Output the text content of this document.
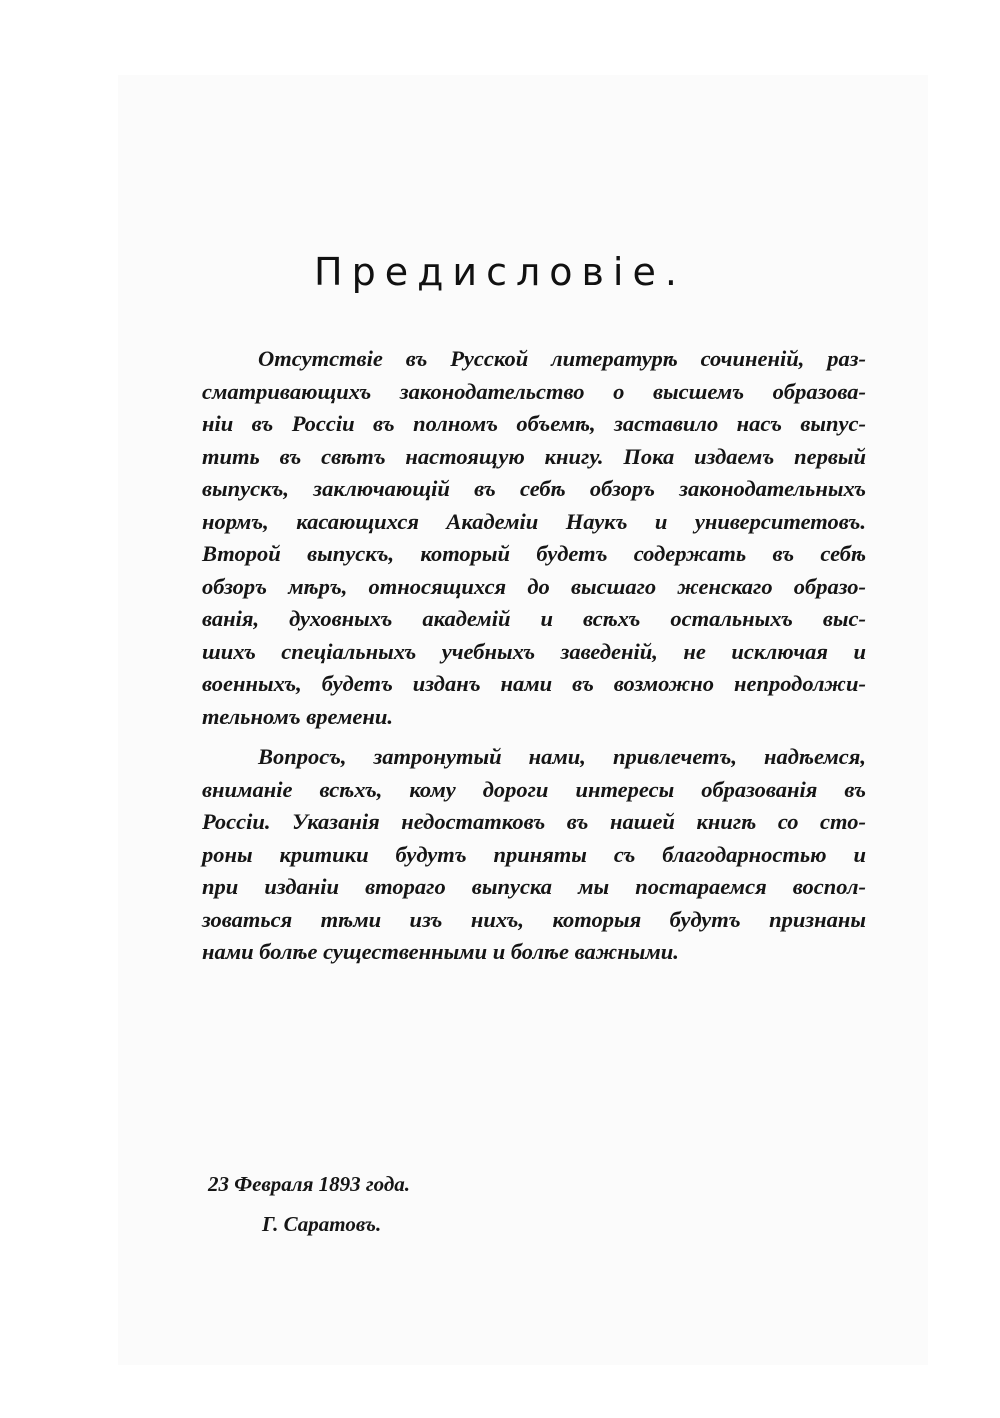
Предисловіе.
Отсутствіе въ Русской литературѣ сочиненій, раз-
сматривающихъ законодательство о высшемъ образова-
ніи въ Россіи въ полномъ объемѣ, заставило насъ выпус-
тить въ свѣтъ настоящую книгу. Пока издаемъ первый
выпускъ, заключающій въ себѣ обзоръ законодательныхъ
нормъ, касающихся Академіи Наукъ и университетовъ.
Второй выпускъ, который будетъ содержать въ себѣ
обзоръ мѣръ, относящихся до высшаго женскаго образо-
ванія, духовныхъ академій и всѣхъ остальныхъ выс-
шихъ спеціальныхъ учебныхъ заведеній, не исключая и
военныхъ, будетъ изданъ нами въ возможно непродолжи-
тельномъ времени.
Вопросъ, затронутый нами, привлечетъ, надѣемся,
вниманіе всѣхъ, кому дороги интересы образованія въ
Россіи. Указанія недостатковъ въ нашей книгѣ со сто-
роны критики будутъ приняты съ благодарностью и
при изданіи втораго выпуска мы постараемся воспол-
зоваться тѣми изъ нихъ, которыя будутъ признаны
нами болѣе существенными и болѣе важными.
23 Февраля 1893 года.
Г. Саратовъ.
